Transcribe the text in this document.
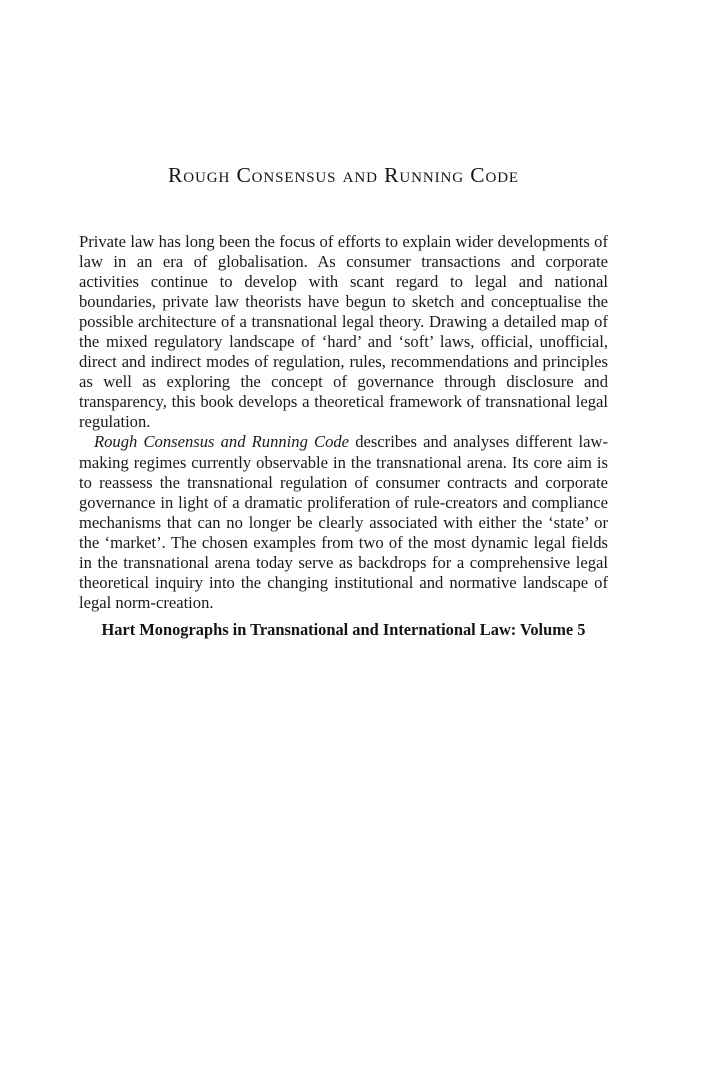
Rough Consensus and Running Code

Private law has long been the focus of efforts to explain wider developments of law in an era of globalisation. As consumer transactions and corporate activities continue to develop with scant regard to legal and national boundaries, private law theorists have begun to sketch and conceptualise the possible architecture of a transnational legal theory. Drawing a detailed map of the mixed regulatory landscape of ‘hard’ and ‘soft’ laws, official, unofficial, direct and indirect modes of regulation, rules, recommendations and principles as well as exploring the concept of governance through disclosure and transparency, this book develops a theoretical framework of transnational legal regulation.

Rough Consensus and Running Code describes and analyses different law-making regimes currently observable in the transnational arena. Its core aim is to reassess the transnational regulation of consumer contracts and corporate governance in light of a dramatic proliferation of rule-creators and compliance mechanisms that can no longer be clearly associated with either the ‘state’ or the ‘market’. The chosen examples from two of the most dynamic legal fields in the transnational arena today serve as backdrops for a comprehensive legal theoretical inquiry into the changing institutional and normative landscape of legal norm-creation.

Hart Monographs in Transnational and International Law: Volume 5
